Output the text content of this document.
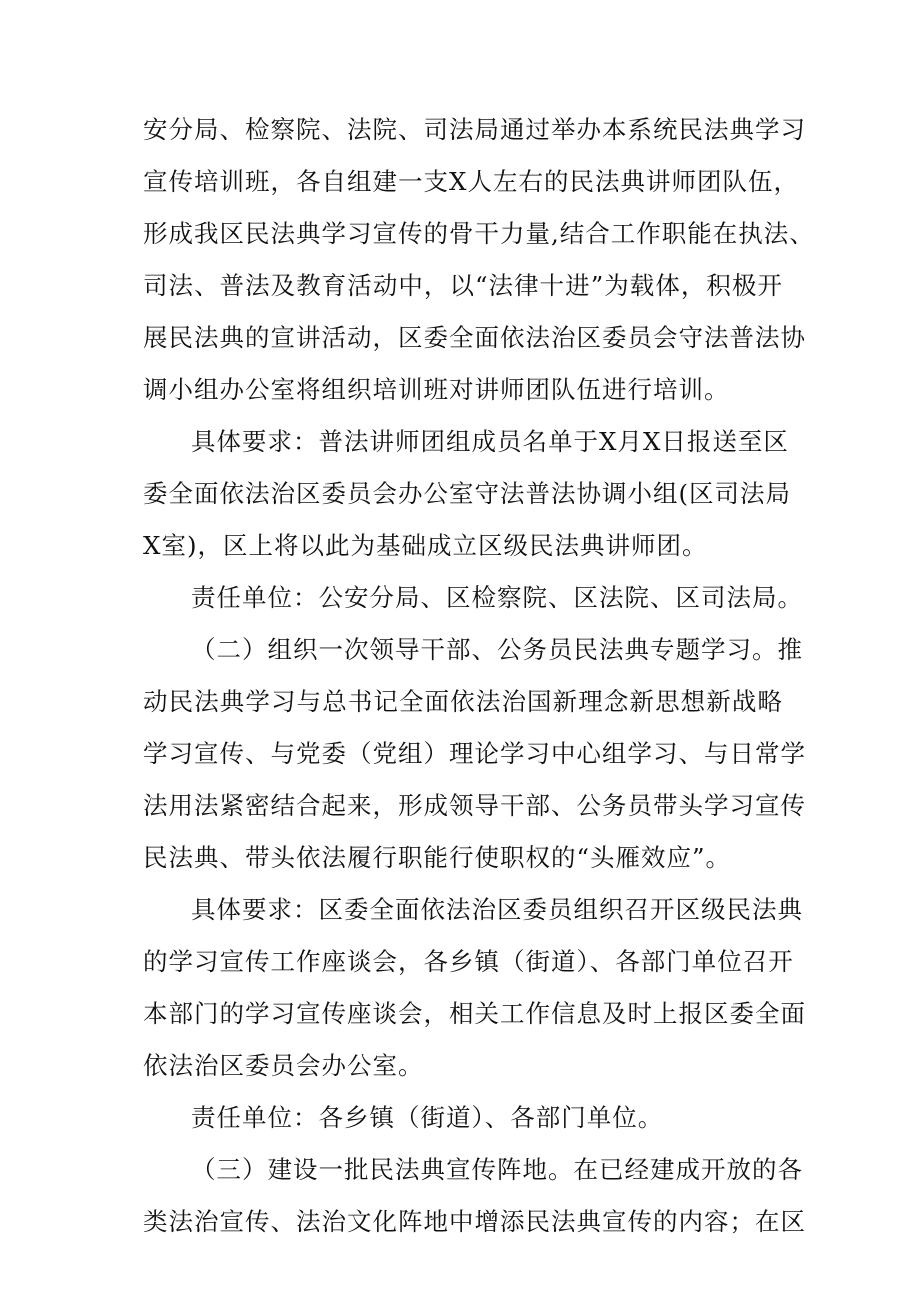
安分局、检察院、法院、司法局通过举办本系统民法典学习
宣传培训班，各自组建一支X人左右的民法典讲师团队伍，
形成我区民法典学习宣传的骨干力量,结合工作职能在执法、
司法、普法及教育活动中，以“法律十进”为载体，积极开
展民法典的宣讲活动，区委全面依法治区委员会守法普法协
调小组办公室将组织培训班对讲师团队伍进行培训。
具体要求：普法讲师团组成员名单于X月X日报送至区
委全面依法治区委员会办公室守法普法协调小组(区司法局
X室)，区上将以此为基础成立区级民法典讲师团。
责任单位：公安分局、区检察院、区法院、区司法局。
（二）组织一次领导干部、公务员民法典专题学习。推
动民法典学习与总书记全面依法治国新理念新思想新战略
学习宣传、与党委（党组）理论学习中心组学习、与日常学
法用法紧密结合起来，形成领导干部、公务员带头学习宣传
民法典、带头依法履行职能行使职权的“头雁效应”。
具体要求：区委全面依法治区委员组织召开区级民法典
的学习宣传工作座谈会，各乡镇（街道）、各部门单位召开
本部门的学习宣传座谈会，相关工作信息及时上报区委全面
依法治区委员会办公室。
责任单位：各乡镇（街道）、各部门单位。
（三）建设一批民法典宣传阵地。在已经建成开放的各
类法治宣传、法治文化阵地中增添民法典宣传的内容；在区
